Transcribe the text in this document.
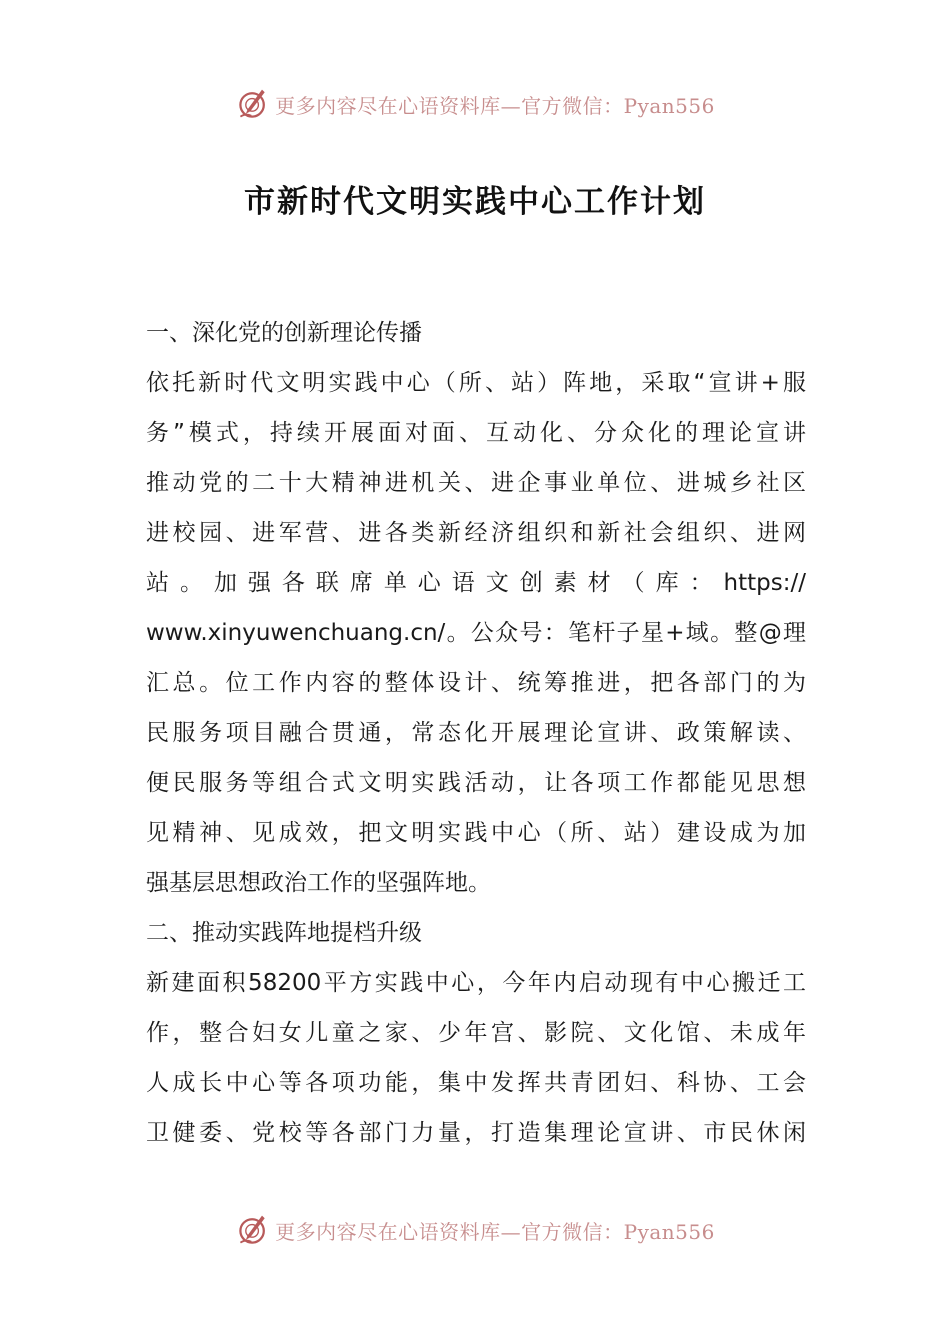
更多内容尽在心语资料库—官方微信：Pyan556
市新时代文明实践中心工作计划
一、深化党的创新理论传播
依托新时代文明实践中心（所、站）阵地，采取“宣讲+服
务”模式，持续开展面对面、互动化、分众化的理论宣讲
推动党的二十大精神进机关、进企事业单位、进城乡社区
进校园、进军营、进各类新经济组织和新社会组织、进网
站。加强各联席单心语文创素材（库：https://
www.xinyuwenchuang.cn/。公众号：笔杆子星+域。整@理
汇总。位工作内容的整体设计、统筹推进，把各部门的为
民服务项目融合贯通，常态化开展理论宣讲、政策解读、
便民服务等组合式文明实践活动，让各项工作都能见思想
见精神、见成效，把文明实践中心（所、站）建设成为加
强基层思想政治工作的坚强阵地。
二、推动实践阵地提档升级
新建面积58200平方实践中心，今年内启动现有中心搬迁工
作，整合妇女儿童之家、少年宫、影院、文化馆、未成年
人成长中心等各项功能，集中发挥共青团妇、科协、工会
卫健委、党校等各部门力量，打造集理论宣讲、市民休闲
更多内容尽在心语资料库—官方微信：Pyan556
